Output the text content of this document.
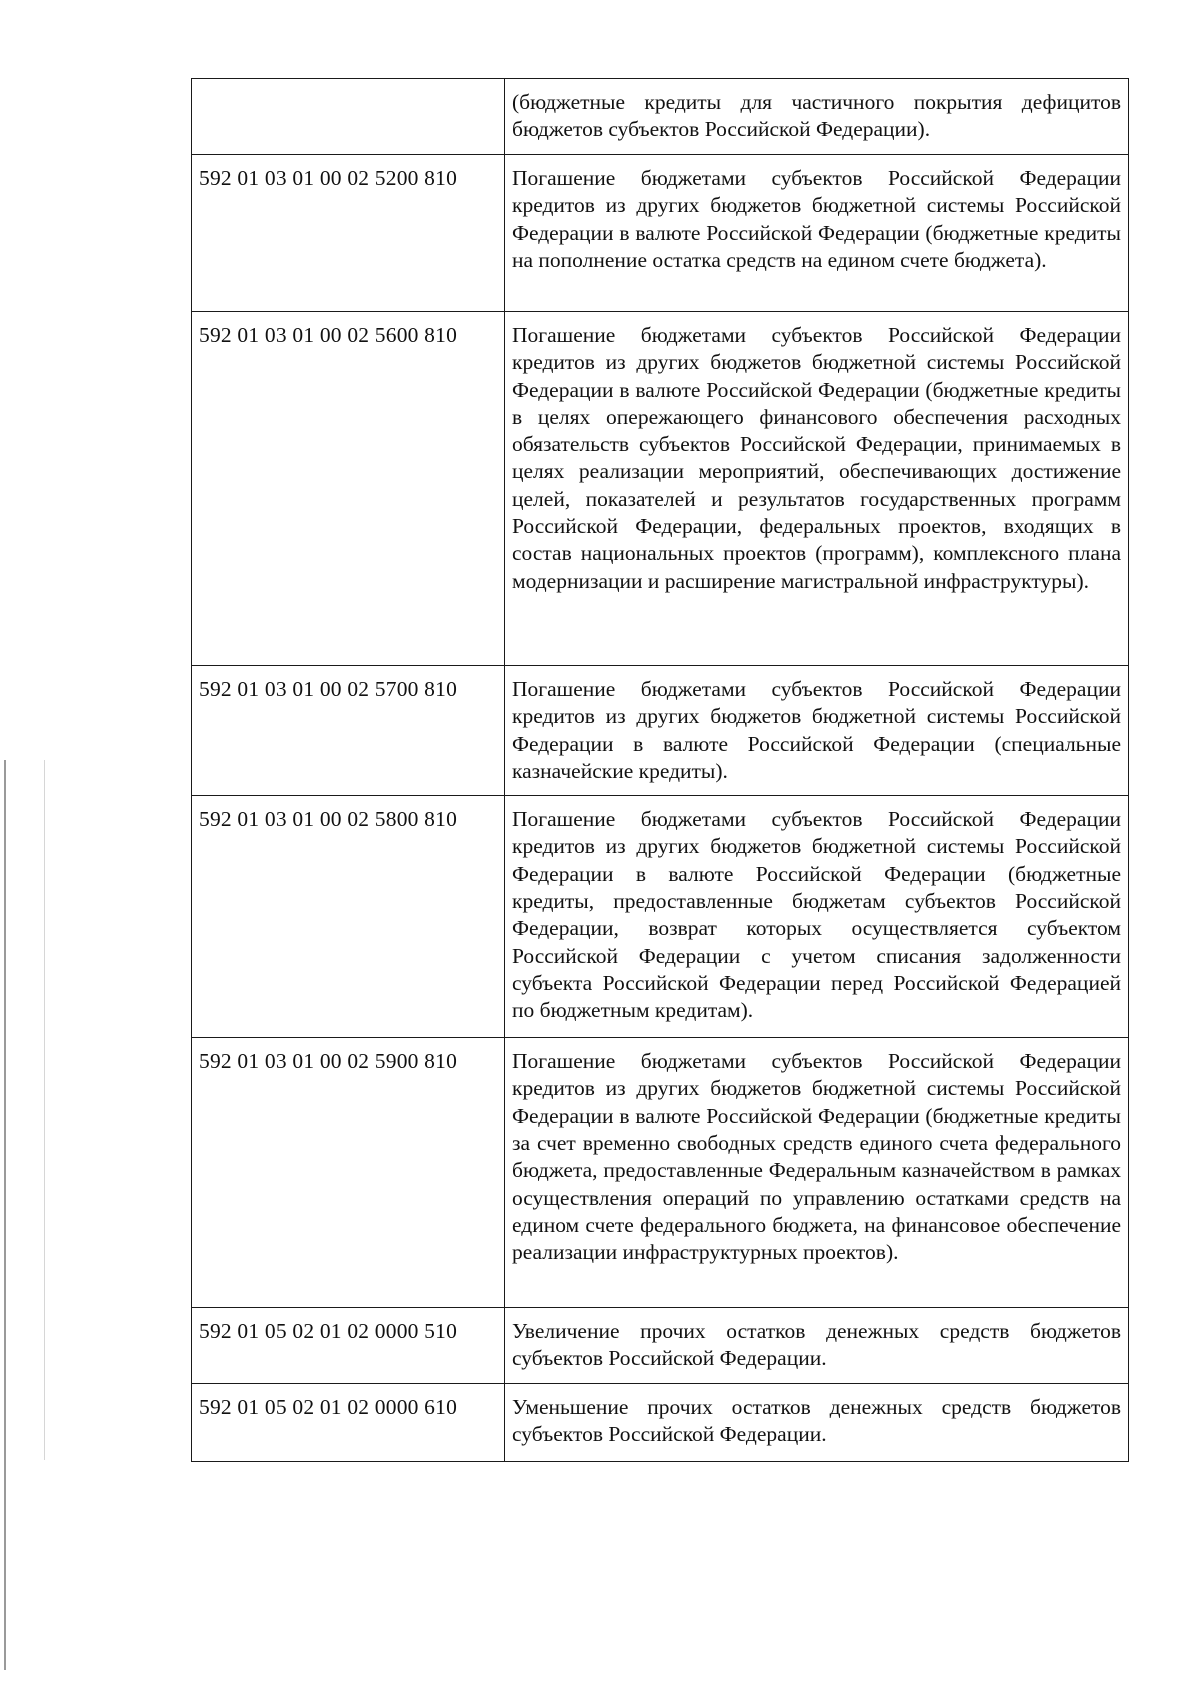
	(бюджетные кредиты для частичного покрытия дефицитов бюджетов субъектов Российской Федерации).
592 01 03 01 00 02 5200 810	Погашение бюджетами субъектов Российской Федерации кредитов из других бюджетов бюджетной системы Российской Федерации в валюте Российской Федерации (бюджетные кредиты на пополнение остатка средств на едином счете бюджета).
592 01 03 01 00 02 5600 810	Погашение бюджетами субъектов Российской Федерации кредитов из других бюджетов бюджетной системы Российской Федерации в валюте Российской Федерации (бюджетные кредиты в целях опережающего финансового обеспечения расходных обязательств субъектов Российской Федерации, принимаемых в целях реализации мероприятий, обеспечивающих достижение целей, показателей и результатов государственных программ Российской Федерации, федеральных проектов, входящих в состав национальных проектов (программ), комплексного плана модернизации и расширение магистральной инфраструктуры).
592 01 03 01 00 02 5700 810	Погашение бюджетами субъектов Российской Федерации кредитов из других бюджетов бюджетной системы Российской Федерации в валюте Российской Федерации (специальные казначейские кредиты).
592 01 03 01 00 02 5800 810	Погашение бюджетами субъектов Российской Федерации кредитов из других бюджетов бюджетной системы Российской Федерации в валюте Российской Федерации (бюджетные кредиты, предоставленные бюджетам субъектов Российской Федерации, возврат которых осуществляется субъектом Российской Федерации с учетом списания задолженности субъекта Российской Федерации перед Российской Федерацией по бюджетным кредитам).
592 01 03 01 00 02 5900 810	Погашение бюджетами субъектов Российской Федерации кредитов из других бюджетов бюджетной системы Российской Федерации в валюте Российской Федерации (бюджетные кредиты за счет временно свободных средств единого счета федерального бюджета, предоставленные Федеральным казначейством в рамках осуществления операций по управлению остатками средств на едином счете федерального бюджета, на финансовое обеспечение реализации инфраструктурных проектов).
592 01 05 02 01 02 0000 510	Увеличение прочих остатков денежных средств бюджетов субъектов Российской Федерации.
592 01 05 02 01 02 0000 610	Уменьшение прочих остатков денежных средств бюджетов субъектов Российской Федерации.
